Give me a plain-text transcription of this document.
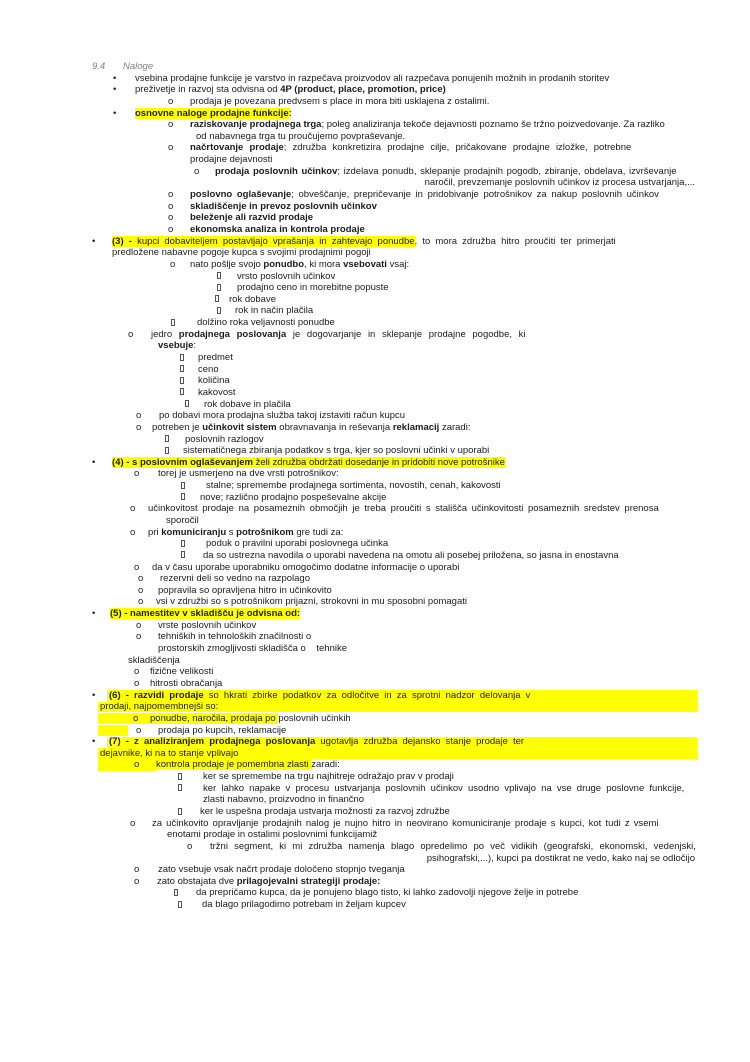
9.4 Naloge
• vsebina prodajne funkcije je varstvo in razpečava proizvodov ali razpečava ponujenih možnih in prodanih storitev
• preživetje in razvoj sta odvisna od 4P (product, place, promotion, price)
o prodaja je povezana predvsem s place in mora biti usklajena z ostalimi.
• osnovne naloge prodajne funkcije:
o raziskovanje prodajnega trga; poleg analiziranja tekoče dejavnosti poznamo še tržno poizvedovanje. Za razliko
od nabavnega trga tu proučujemo povpraševanje.
o načrtovanje prodaje; združba konkretizira prodajne cilje, pričakovane prodajne izložke, potrebne
prodajne dejavnosti
o prodaja poslovnih učinkov; izdelava ponudb, sklepanje prodajnih pogodb, zbiranje, obdelava, izvrševanje
naročil, prevzemanje poslovnih učinkov iz procesa ustvarjanja,...
o poslovno oglaševanje; obveščanje, prepričevanje in pridobivanje potrošnikov za nakup poslovnih učinkov
o skladiščenje in prevoz poslovnih učinkov
o beleženje ali razvid prodaje
o ekonomska analiza in kontrola prodaje
• (3) - kupci dobaviteljem postavljajo vprašanja in zahtevajo ponudbe, to mora združba hitro proučiti ter primerjati
predložene nabavne pogoje kupca s svojimi prodajnimi pogoji
o nato pošlje svojo ponudbo, ki mora vsebovati vsaj:
vrsto poslovnih učinkov
prodajno ceno in morebitne popuste
rok dobave
rok in način plačila
dolžino roka veljavnosti ponudbe
o jedro prodajnega poslovanja je dogovarjanje in sklepanje prodajne pogodbe, ki
vsebuje:
predmet
ceno
količina
kakovost
rok dobave in plačila
o po dobavi mora prodajna služba takoj izstaviti račun kupcu
o potreben je učinkovit sistem obravnavanja in reševanja reklamacij zaradi:
poslovnih razlogov
sistematičnega zbiranja podatkov s trga, kjer so poslovni učinki v uporabi
• (4) - s poslovnim oglaševanjem želi združba obdržati dosedanje in pridobiti nove potrošnike
o torej je usmerjeno na dve vrsti potrošnikov:
stalne; spremembe prodajnega sortimenta, novostih, cenah, kakovosti
nove; različno prodajno pospeševalne akcije
o učinkovitost prodaje na posameznih območjih je treba proučiti s stališča učinkovitosti posameznih sredstev prenosa
sporočil
o pri komuniciranju s potrošnikom gre tudi za:
poduk o pravilni uporabi poslovnega učinka
da so ustrezna navodila o uporabi navedena na omotu ali posebej priložena, so jasna in enostavna
o da v času uporabe uporabniku omogočimo dodatne informacije o uporabi
o rezervni deli so vedno na razpolago
o popravila so opravljena hitro in učinkovito
o vsi v združbi so s potrošnikom prijazni, strokovni in mu sposobni pomagati
• (5) - namestitev v skladišču je odvisna od:
o vrste poslovnih učinkov
o tehniških in tehnoloških značilnosti o
prostorskih zmogljivosti skladišča o    tehnike
skladiščenja
o fizične velikosti
o hitrosti obračanja
• (6) - razvidi prodaje so hkrati zbirke podatkov za odločitve in za sprotni nadzor delovanja v
prodaji, najpomembnejši so:
o ponudbe, naročila, prodaja po poslovnih učinkih
o prodaja po kupcih, reklamacije
• (7) - z analiziranjem prodajnega poslovanja ugotavlja združba dejansko stanje prodaje ter
dejavnike, ki na to stanje vplivajo
o kontrola prodaje je pomembna zlasti zaradi:
ker se spremembe na trgu najhitreje odražajo prav v prodaji
ker lahko napake v procesu ustvarjanja poslovnih učinkov usodno vplivajo na vse druge poslovne funkcije,
zlasti nabavno, proizvodno in finančno
ker le uspešna prodaja ustvarja možnosti za razvoj združbe
o za učinkovito opravljanje prodajnih nalog je nujno hitro in neovirano komuniciranje prodaje s kupci, kot tudi z vsemi
enotami prodaje in ostalimi poslovnimi funkcijamiž
o tržni segment, ki mi združba namenja blago opredelimo po več vidikih (geografski, ekonomski, vedenjski,
psihografski,...), kupci pa dostikrat ne vedo, kako naj se odločijo
o zato vsebuje vsak načrt prodaje določeno stopnjo tveganja
o zato obstajata dve prilagojevalni strategiji prodaje:
da prepričamo kupca, da je ponujeno blago tisto, ki lahko zadovolji njegove želje in potrebe
da blago prilagodimo potrebam in željam kupcev
